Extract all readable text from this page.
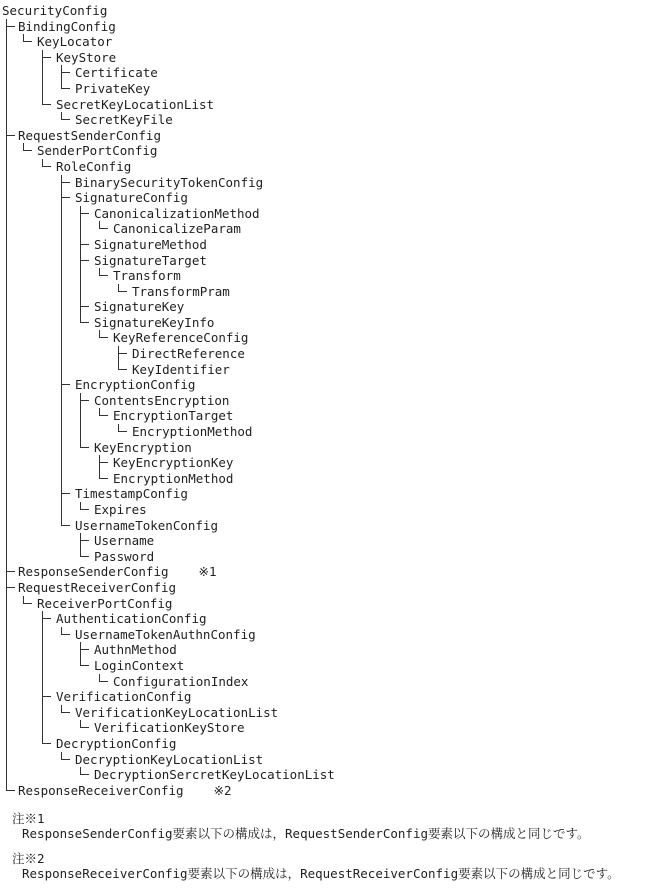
SecurityConfig
BindingConfig
KeyLocator
KeyStore
Certificate
PrivateKey
SecretKeyLocationList
SecretKeyFile
RequestSenderConfig
SenderPortConfig
RoleConfig
BinarySecurityTokenConfig
SignatureConfig
CanonicalizationMethod
CanonicalizeParam
SignatureMethod
SignatureTarget
Transform
TransformPram
SignatureKey
SignatureKeyInfo
KeyReferenceConfig
DirectReference
KeyIdentifier
EncryptionConfig
ContentsEncryption
EncryptionTarget
EncryptionMethod
KeyEncryption
KeyEncryptionKey
EncryptionMethod
TimestampConfig
Expires
UsernameTokenConfig
Username
Password
ResponseSenderConfig ※1
RequestReceiverConfig
ReceiverPortConfig
AuthenticationConfig
UsernameTokenAuthnConfig
AuthnMethod
LoginContext
ConfigurationIndex
VerificationConfig
VerificationKeyLocationList
VerificationKeyStore
DecryptionConfig
DecryptionKeyLocationList
DecryptionSercretKeyLocationList
ResponseReceiverConfig ※2
注※1
ResponseSenderConfig要素以下の構成は，RequestSenderConfig要素以下の構成と同じです。
注※2
ResponseReceiverConfig要素以下の構成は，RequestReceiverConfig要素以下の構成と同じです。
